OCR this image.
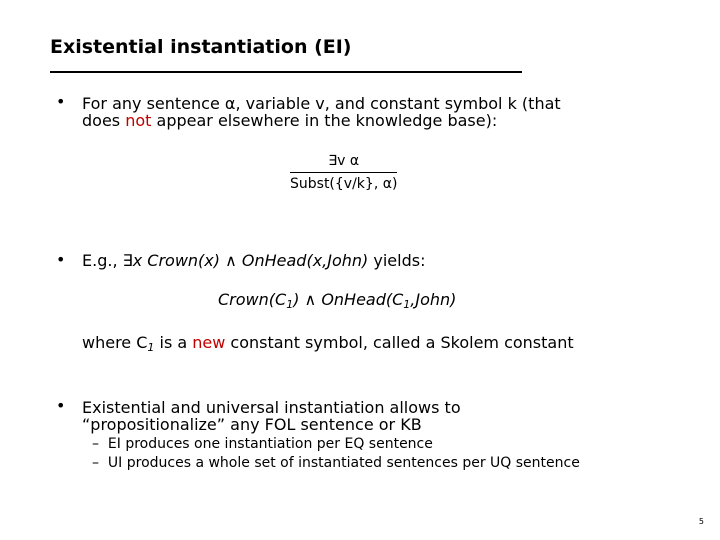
Existential instantiation (EI)
• For any sentence α, variable v, and constant symbol k (that
does not appear elsewhere in the knowledge base):
∃v α
Subst({v/k}, α)
• E.g., ∃x Crown(x) ∧ OnHead(x,John) yields:
$Crown(C_1)$ ∧ $OnHead(C_1,John)$
where $C_1$ is a new constant symbol, called a Skolem constant
• Existential and universal instantiation allows to
“propositionalize” any FOL sentence or KB
–  EI produces one instantiation per EQ sentence
–  UI produces a whole set of instantiated sentences per UQ sentence
5
